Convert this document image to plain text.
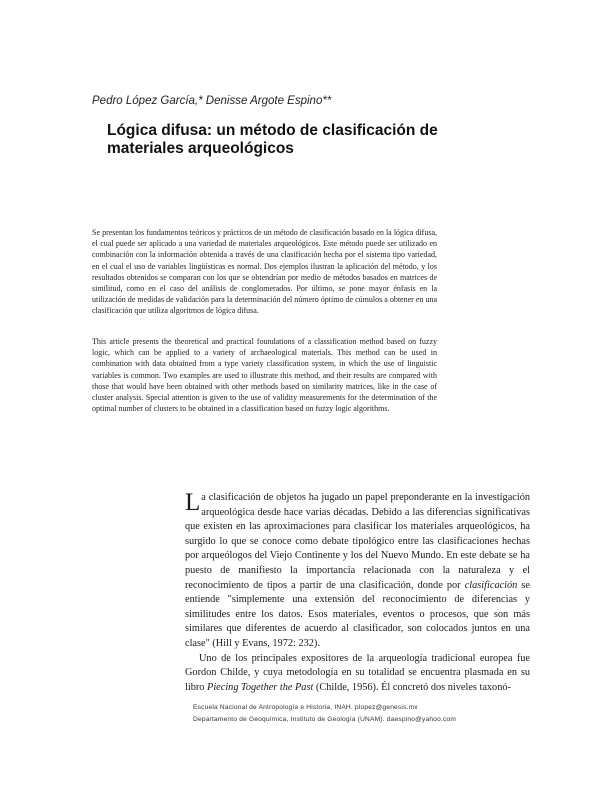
Pedro López García,* Denisse Argote Espino**
Lógica difusa: un método de clasificación de materiales arqueológicos
Se presentan los fundamentos teóricos y prácticos de un método de clasificación basado en la lógica difusa, el cual puede ser aplicado a una variedad de materiales arqueológicos. Este método puede ser utilizado en combinación con la información obtenida a través de una clasificación hecha por el sistema tipo variedad, en el cual el uso de variables lingüísticas es normal. Dos ejemplos ilustran la aplicación del método, y los resultados obtenidos se comparan con los que se obtendrían por medio de métodos basados en matrices de similitud, como en el caso del análisis de conglomerados. Por último, se pone mayor énfasis en la utilización de medidas de validación para la determinación del número óptimo de cúmulos a obtener en una clasificación que utiliza algoritmos de lógica difusa.
This article presents the theoretical and practical foundations of a classification method based on fuzzy logic, which can be applied to a variety of archaeological materials. This method can be used in combination with data obtained from a type variety classification system, in which the use of linguistic variables is common. Two examples are used to illustrate this method, and their results are compared with those that would have been obtained with other methods based on similarity matrices, like in the case of cluster analysis. Special attention is given to the use of validity measurements for the determination of the optimal number of clusters to be obtained in a classification based on fuzzy logic algorithms.

La clasificación de objetos ha jugado un papel preponderante en la investigación arqueológica desde hace varias décadas. Debido a las diferencias significativas que existen en las aproximaciones para clasificar los materiales arqueológicos, ha surgido lo que se conoce como debate tipológico entre las clasificaciones hechas por arqueólogos del Viejo Continente y los del Nuevo Mundo. En este debate se ha puesto de manifiesto la importancia relacionada con la naturaleza y el reconocimiento de tipos a partir de una clasificación, donde por clasificación se entiende "simplemente una extensión del reconocimiento de diferencias y similitudes entre los datos. Esos materiales, eventos o procesos, que son más similares que diferentes de acuerdo al clasificador, son colocados juntos en una clase" (Hill y Evans, 1972: 232).

Uno de los principales expositores de la arqueología tradicional europea fue Gordon Childe, y cuya metodología en su totalidad se encuentra plasmada en su libro Piecing Together the Past (Childe, 1956). Él concretó dos niveles taxonó-

Escuela Nacional de Antropología e Historia, INAH. plopez@genesis.mx
Departamento de Geoquímica, Instituto de Geología (UNAM). daespino@yahoo.com
